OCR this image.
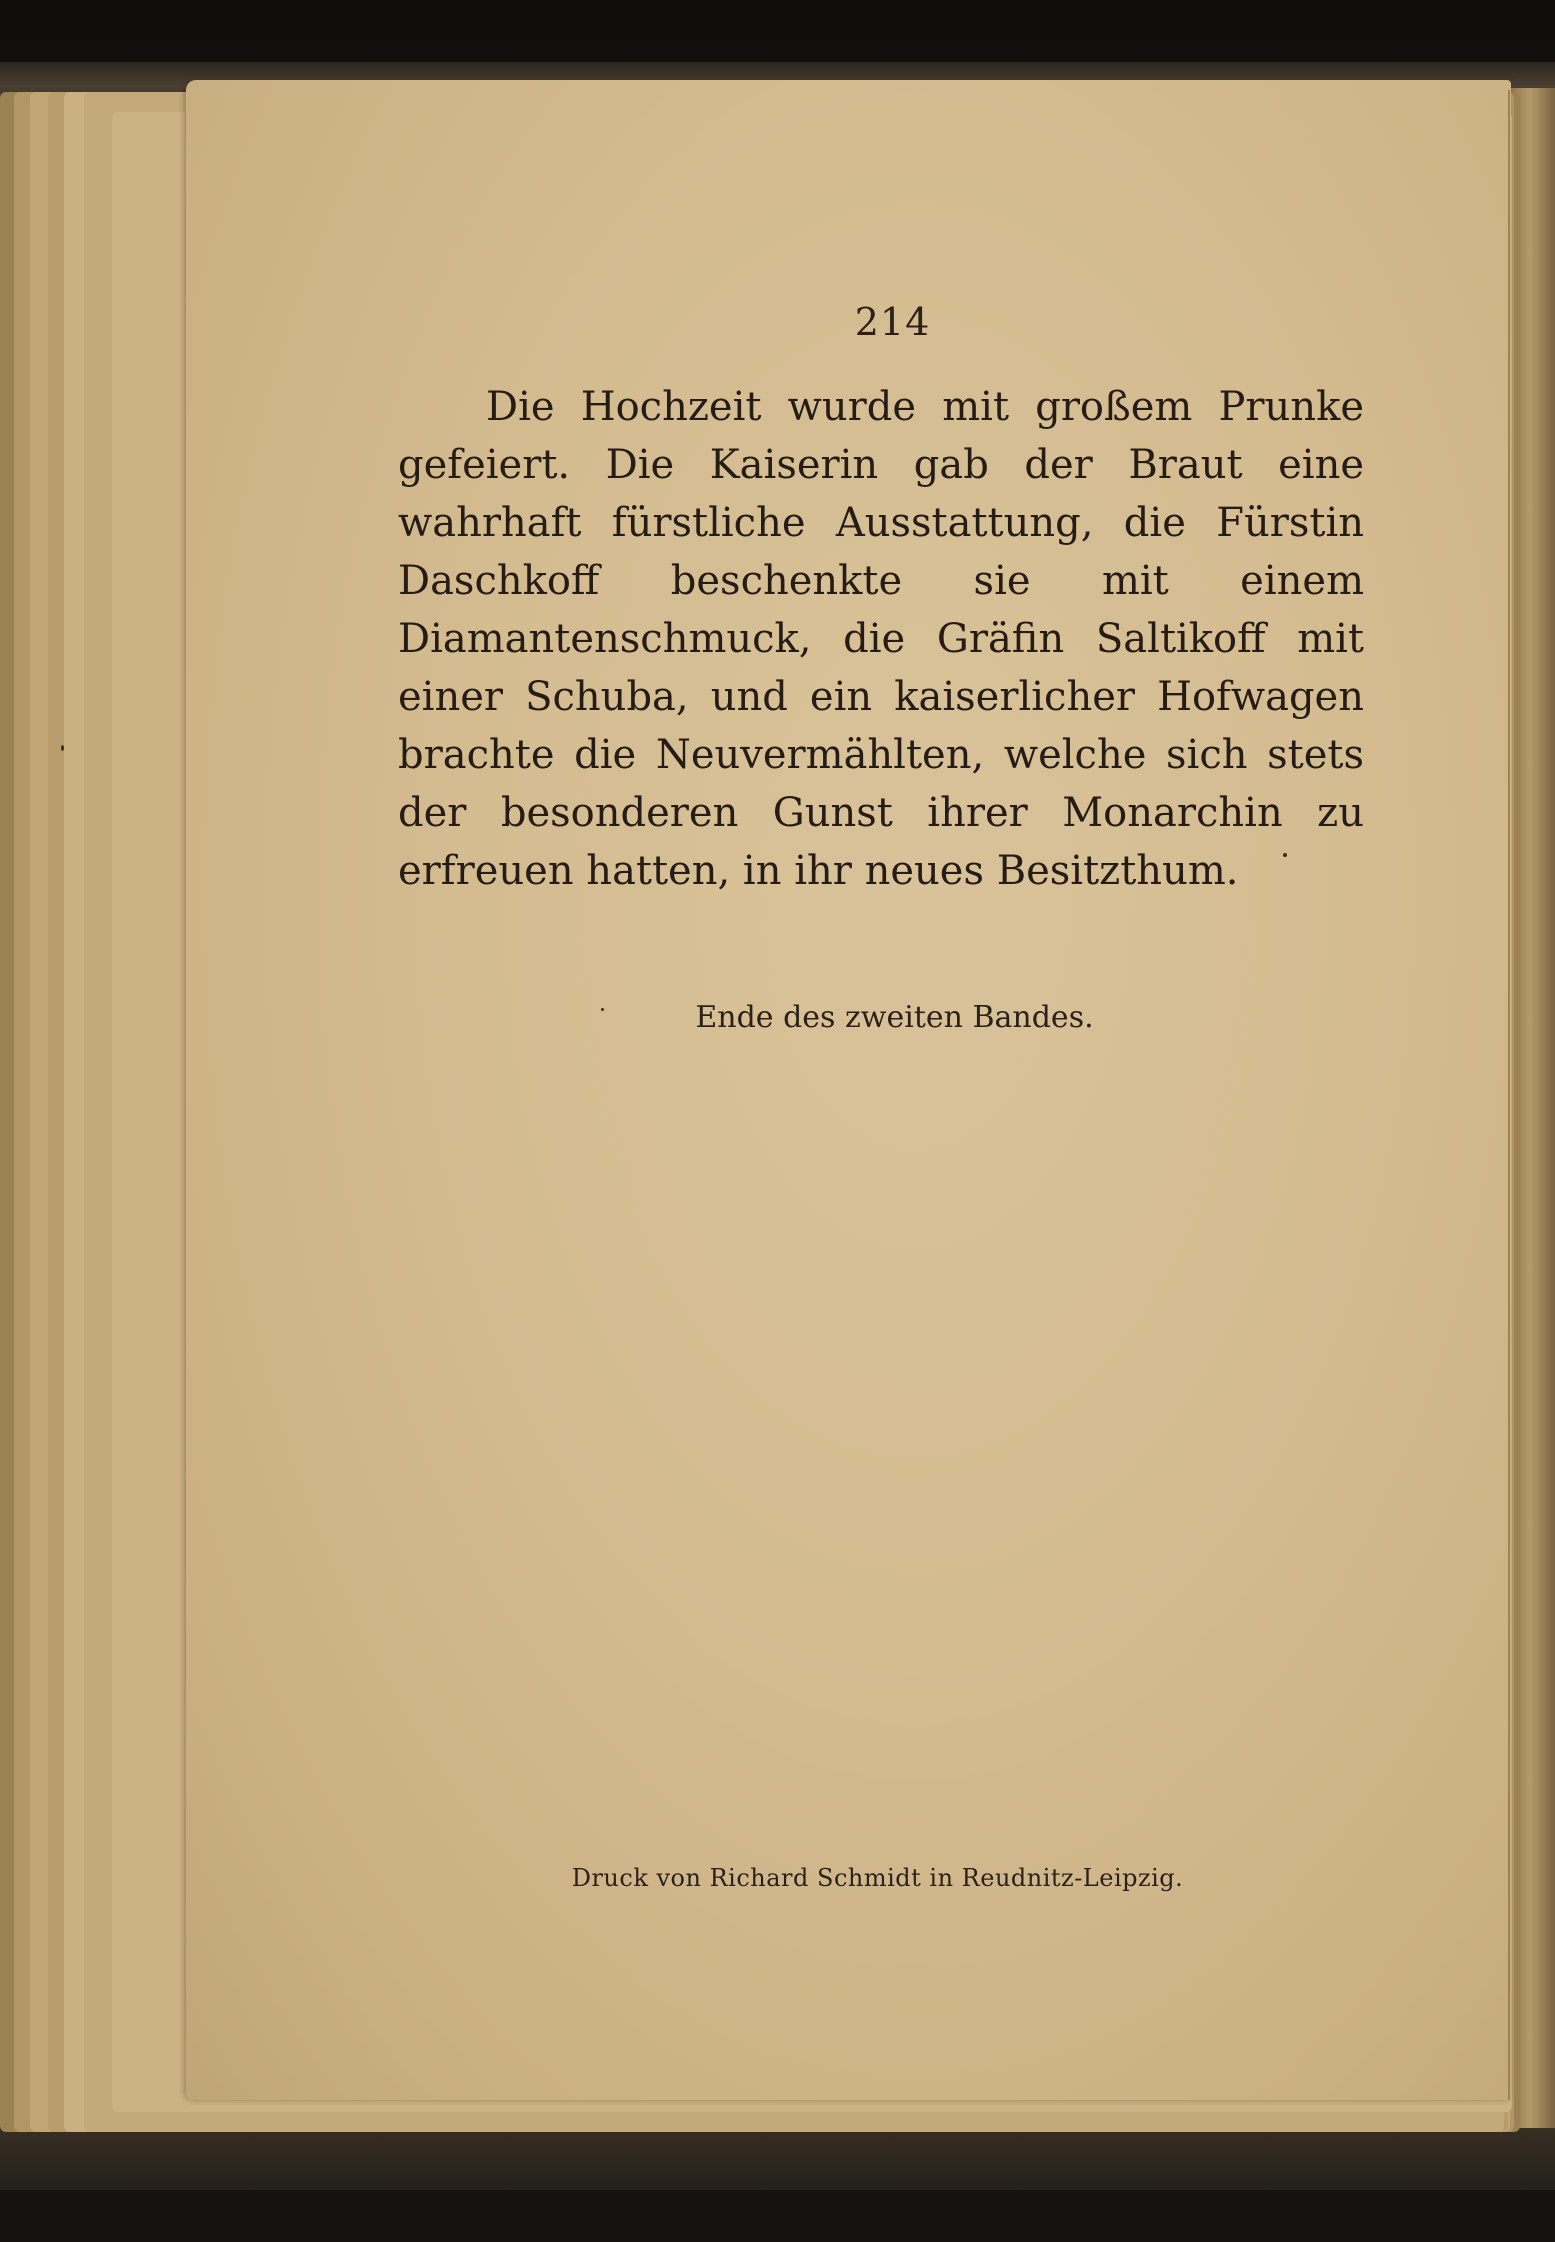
214

Die Hochzeit wurde mit großem Prunke gefeiert. Die Kaiserin gab der Braut eine wahrhaft fürstliche Ausstattung, die Fürstin Daschkoff beschenkte sie mit einem Diamantenschmuck, die Gräfin Saltikoff mit einer Schuba, und ein kaiserlicher Hofwagen brachte die Neuvermählten, welche sich stets der besonderen Gunst ihrer Monarchin zu erfreuen hatten, in ihr neues Besitzthum.

Ende des zweiten Bandes.
Druck von Richard Schmidt in Reudnitz-Leipzig.
